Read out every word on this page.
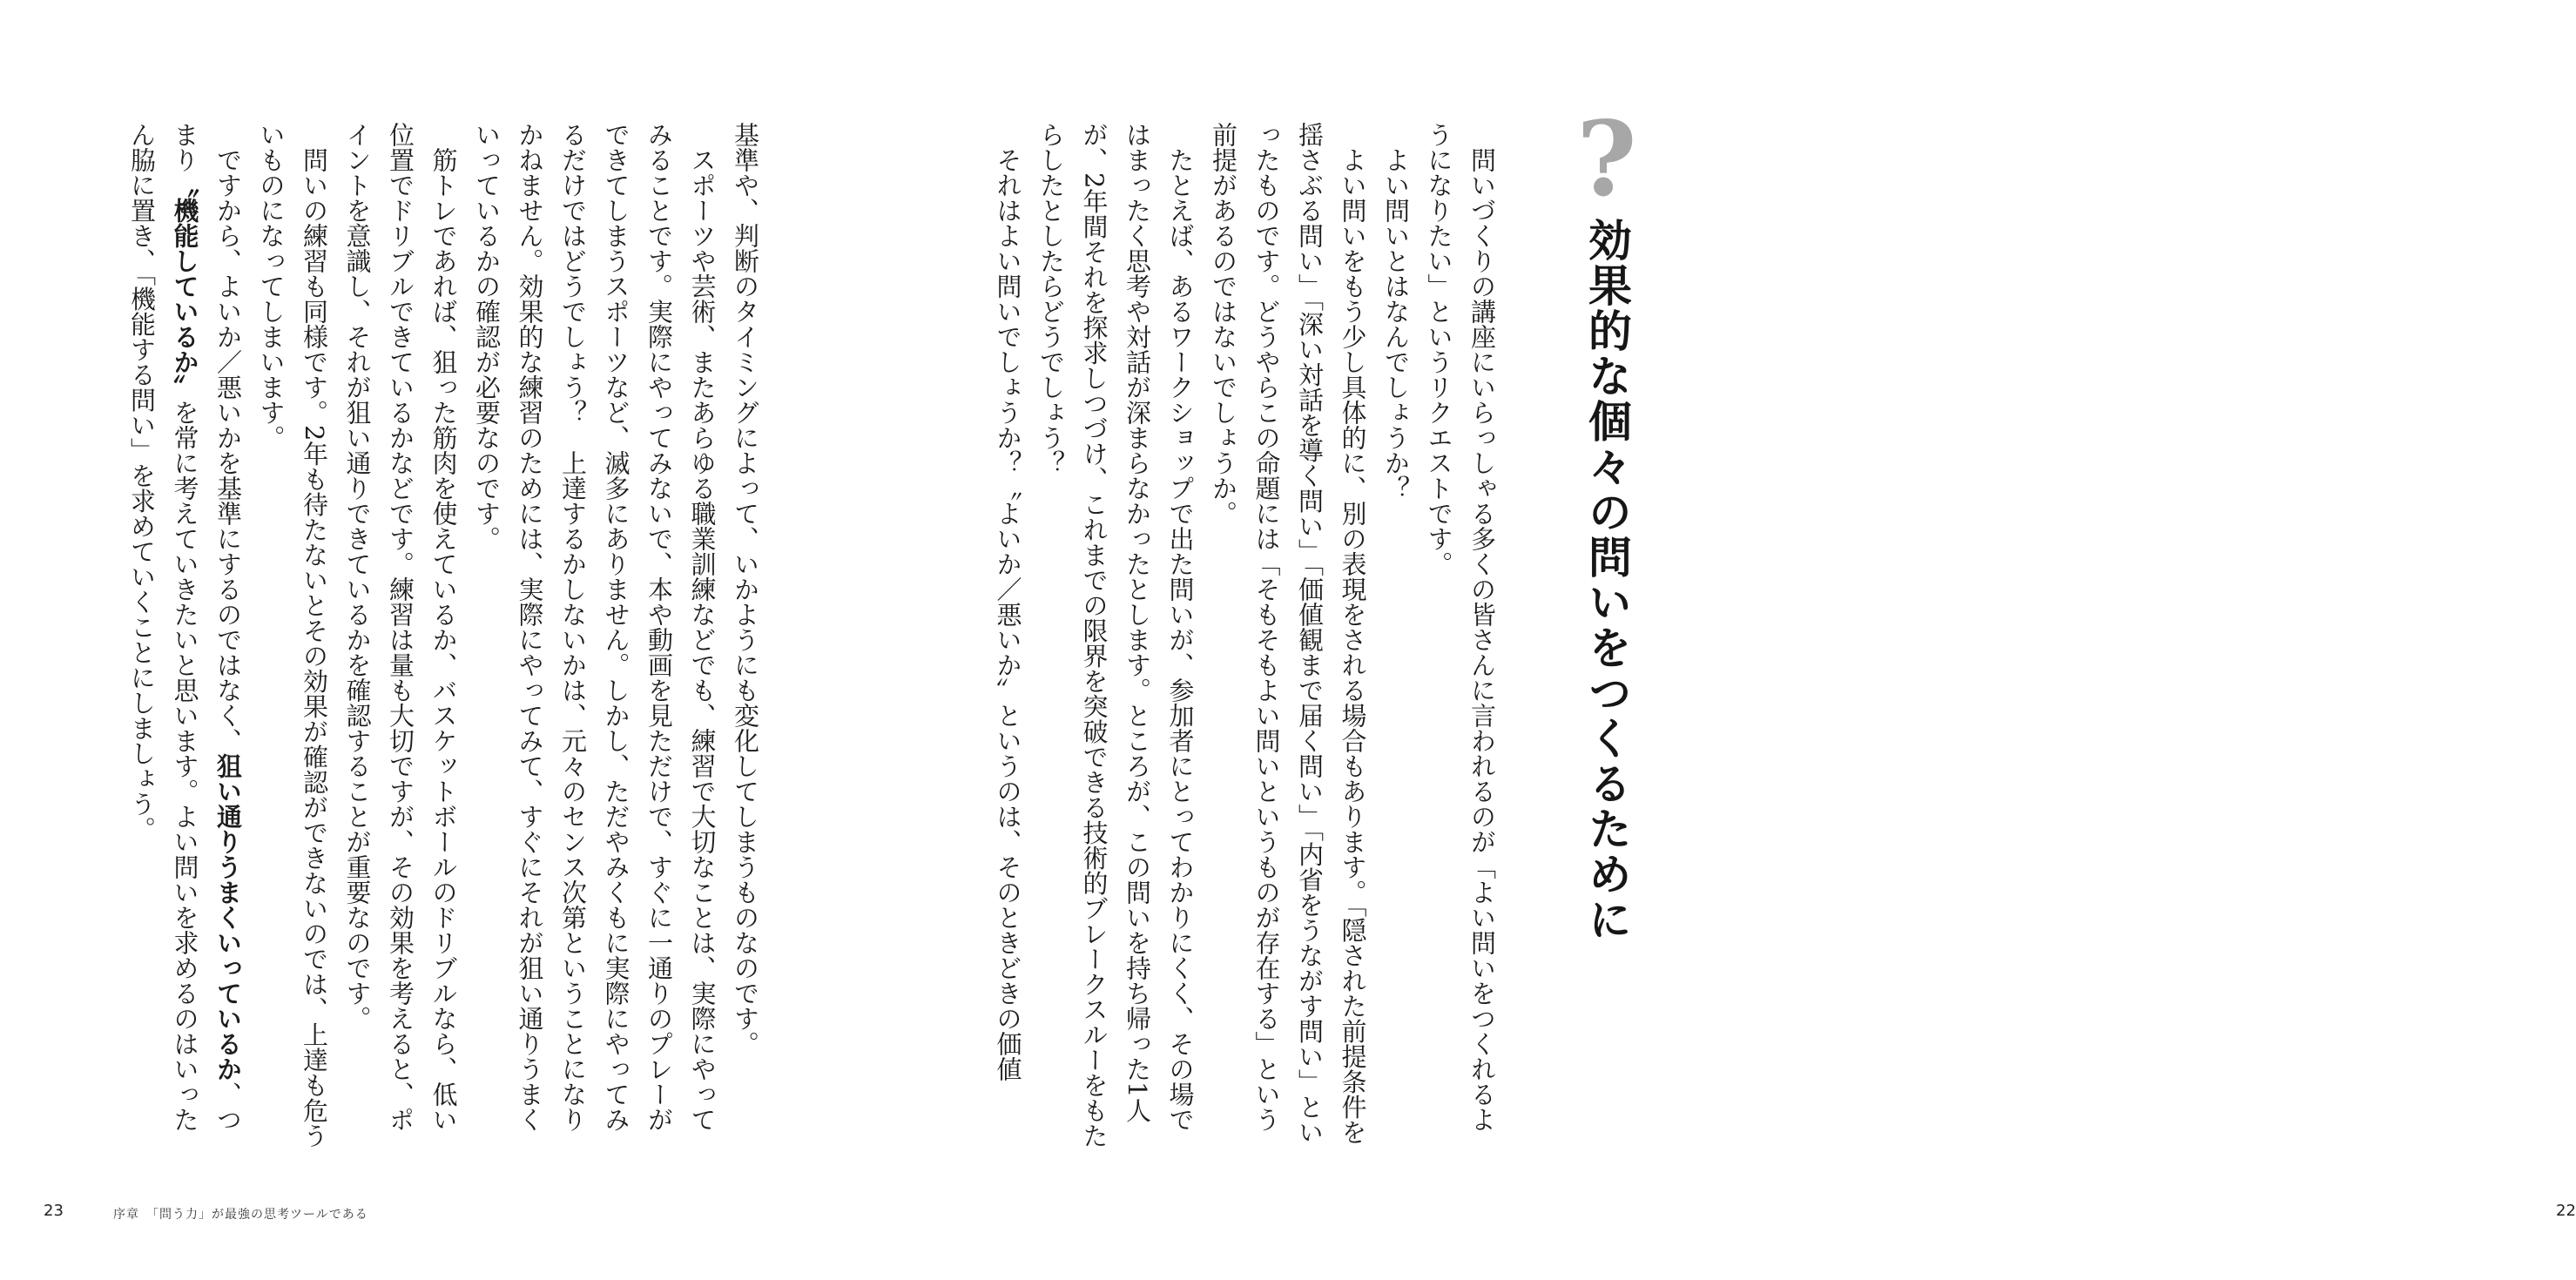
基準や、判断のタイミングによって、いかようにも変化してしまうものなのです。

スポーツや芸術、またあらゆる職業訓練などでも、練習で大切なことは、実際にやってみることです。実際にやってみないで、本や動画を見ただけで、すぐに一通りのプレーができてしまうスポーツなど、滅多にありません。しかし、ただやみくもに実際にやってみるだけではどうでしょう？　上達するかしないかは、元々のセンス次第ということになりかねません。効果的な練習のためには、実際にやってみて、すぐにそれが狙い通りうまくいっているかの確認が必要なのです。

筋トレであれば、狙った筋肉を使えているか、バスケットボールのドリブルなら、低い位置でドリブルできているかなどです。練習は量も大切ですが、その効果を考えると、ポイントを意識し、それが狙い通りできているかを確認することが重要なのです。

問いの練習も同様です。2年も待たないとその効果が確認ができないのでは、上達も危ういものになってしまいます。

ですから、よいか／悪いかを基準にするのではなく、狙い通りうまくいっているか、つまり〝機能しているか〟を常に考えていきたいと思います。よい問いを求めるのはいったん脇に置き、「機能する問い」を求めていくことにしましょう。

23	序章　「問う力」が最強の思考ツールである

問いづくりの講座にいらっしゃる多くの皆さんに言われるのが「よい問いをつくれるようになりたい」というリクエストです。

よい問いとはなんでしょうか？

よい問いをもう少し具体的に、別の表現をされる場合もあります。「隠された前提条件を揺さぶる問い」「深い対話を導く問い」「価値観まで届く問い」「内省をうながす問い」といったものです。どうやらこの命題には「そもそもよい問いというものが存在する」という前提があるのではないでしょうか。

たとえば、あるワークショップで出た問いが、参加者にとってわかりにくく、その場ではまったく思考や対話が深まらなかったとします。ところが、この問いを持ち帰った1人が、2年間それを探求しつづけ、これまでの限界を突破できる技術的ブレークスルーをもたらしたとしたらどうでしょう？

それはよい問いでしょうか？〝よいか／悪いか〟というのは、そのときどきの価値	?
効果的な個々の問いをつくるために
22
